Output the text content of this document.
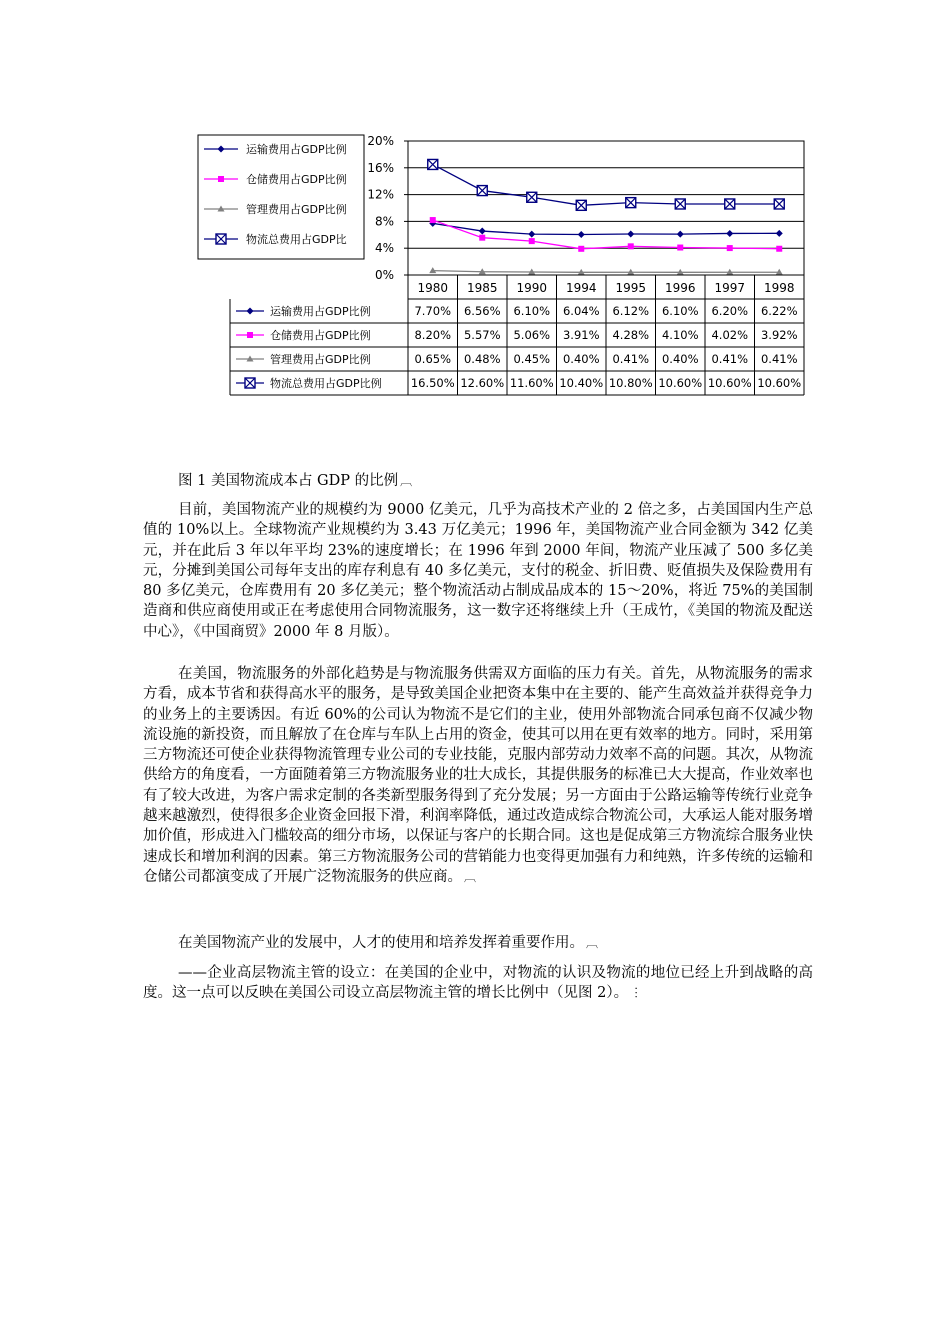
20%
16%
12%
8%
4%
0%
运输费用占GDP比例
仓储费用占GDP比例
管理费用占GDP比例
物流总费用占GDP比
1980 1985 1990 1994 1995 1996 1997 1998
运输费用占GDP比例	7.70% 6.56% 6.10% 6.04% 6.12% 6.10% 6.20% 6.22%
仓储费用占GDP比例	8.20% 5.57% 5.06% 3.91% 4.28% 4.10% 4.02% 3.92%
管理费用占GDP比例	0.65% 0.48% 0.45% 0.40% 0.41% 0.40% 0.41% 0.41%
物流总费用占GDP比例	16.50% 12.60% 11.60% 10.40% 10.80% 10.60% 10.60% 10.60%
图 1 美国物流成本占 GDP 的比例 ︹

目前，美国物流产业的规模约为 9000 亿美元，几乎为高技术产业的 2 倍之多，占美国国内生产总值的 10%以上。全球物流产业规模约为 3.43 万亿美元；1996 年，美国物流产业合同金额为 342 亿美元，并在此后 3 年以年平均 23%的速度增长；在 1996 年到 2000 年间，物流产业压减了 500 多亿美元，分摊到美国公司每年支出的库存利息有 40 多亿美元，支付的税金、折旧费、贬值损失及保险费用有 80 多亿美元，仓库费用有 20 多亿美元；整个物流活动占制成品成本的 15～20%，将近 75%的美国制造商和供应商使用或正在考虑使用合同物流服务，这一数字还将继续上升（王成竹，《美国的物流及配送中心》，《中国商贸》2000 年 8 月版）。

在美国，物流服务的外部化趋势是与物流服务供需双方面临的压力有关。首先，从物流服务的需求方看，成本节省和获得高水平的服务，是导致美国企业把资本集中在主要的、能产生高效益并获得竞争力的业务上的主要诱因。有近 60%的公司认为物流不是它们的主业，使用外部物流合同承包商不仅减少物流设施的新投资，而且解放了在仓库与车队上占用的资金，使其可以用在更有效率的地方。同时，采用第三方物流还可使企业获得物流管理专业公司的专业技能，克服内部劳动力效率不高的问题。其次，从物流供给方的角度看，一方面随着第三方物流服务业的壮大成长，其提供服务的标准已大大提高，作业效率也有了较大改进，为客户需求定制的各类新型服务得到了充分发展；另一方面由于公路运输等传统行业竞争越来越激烈，使得很多企业资金回报下滑，利润率降低，通过改造成综合物流公司，大承运人能对服务增加价值，形成进入门槛较高的细分市场，以保证与客户的长期合同。这也是促成第三方物流综合服务业快速成长和增加利润的因素。第三方物流服务公司的营销能力也变得更加强有力和纯熟，许多传统的运输和仓储公司都演变成了开展广泛物流服务的供应商。 ︹

在美国物流产业的发展中，人才的使用和培养发挥着重要作用。 ︹

——企业高层物流主管的设立：在美国的企业中，对物流的认识及物流的地位已经上升到战略的高度。这一点可以反映在美国公司设立高层物流主管的增长比例中（见图 2）。 ︙
